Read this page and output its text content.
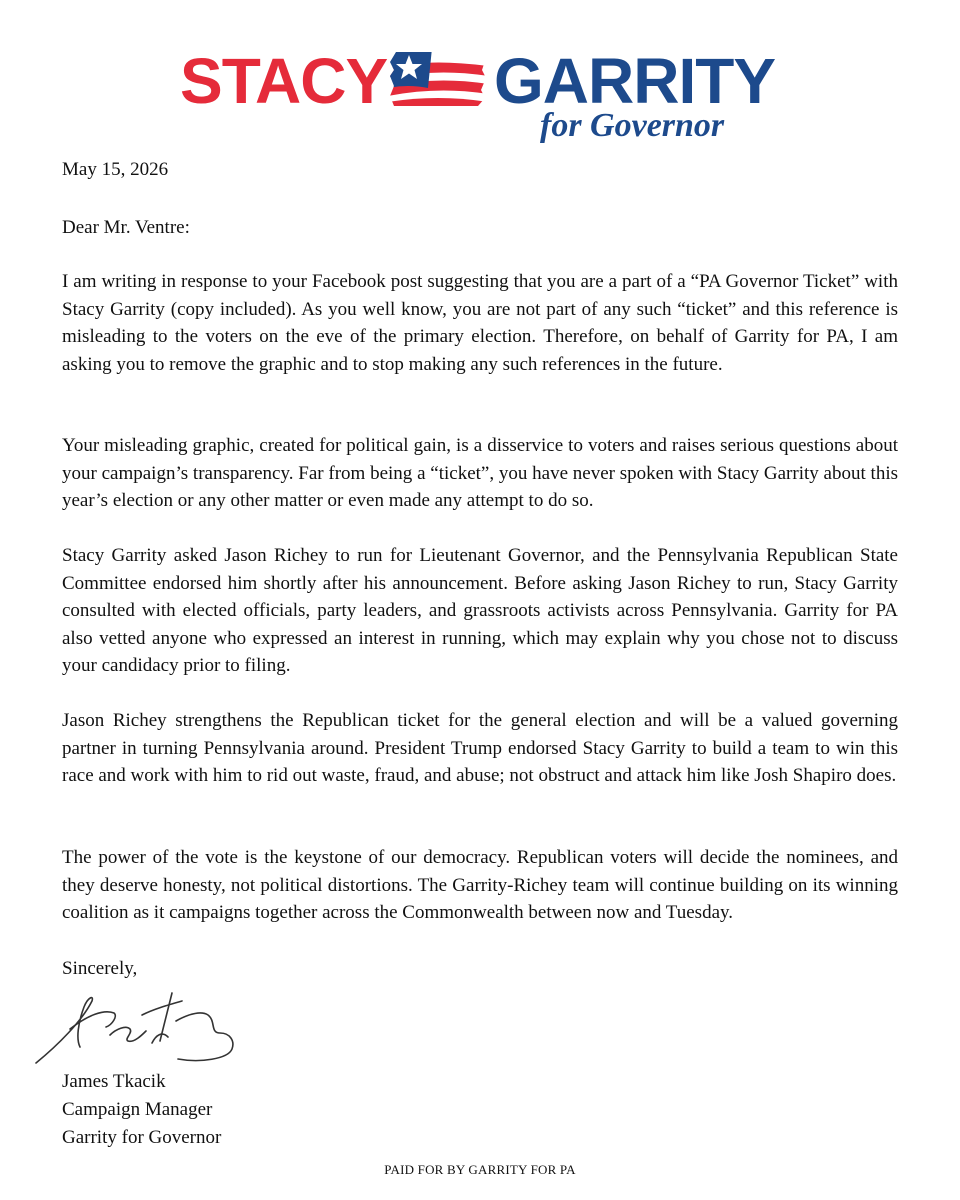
STACY GARRITY
for Governor
May 15, 2026
Dear Mr. Ventre:

I am writing in response to your Facebook post suggesting that you are a part of a “PA Governor Ticket” with Stacy Garrity (copy included). As you well know, you are not part of any such “ticket” and this reference is misleading to the voters on the eve of the primary election. Therefore, on behalf of Garrity for PA, I am asking you to remove the graphic and to stop making any such references in the future.

Your misleading graphic, created for political gain, is a disservice to voters and raises serious questions about your campaign’s transparency. Far from being a “ticket”, you have never spoken with Stacy Garrity about this year’s election or any other matter or even made any attempt to do so.

Stacy Garrity asked Jason Richey to run for Lieutenant Governor, and the Pennsylvania Republican State Committee endorsed him shortly after his announcement. Before asking Jason Richey to run, Stacy Garrity consulted with elected officials, party leaders, and grassroots activists across Pennsylvania. Garrity for PA also vetted anyone who expressed an interest in running, which may explain why you chose not to discuss your candidacy prior to filing.

Jason Richey strengthens the Republican ticket for the general election and will be a valued governing partner in turning Pennsylvania around. President Trump endorsed Stacy Garrity to build a team to win this race and work with him to rid out waste, fraud, and abuse; not obstruct and attack him like Josh Shapiro does.

The power of the vote is the keystone of our democracy. Republican voters will decide the nominees, and they deserve honesty, not political distortions. The Garrity-Richey team will continue building on its winning coalition as it campaigns together across the Commonwealth between now and Tuesday.

Sincerely,
James Tkacik
Campaign Manager
Garrity for Governor
PAID FOR BY GARRITY FOR PA
